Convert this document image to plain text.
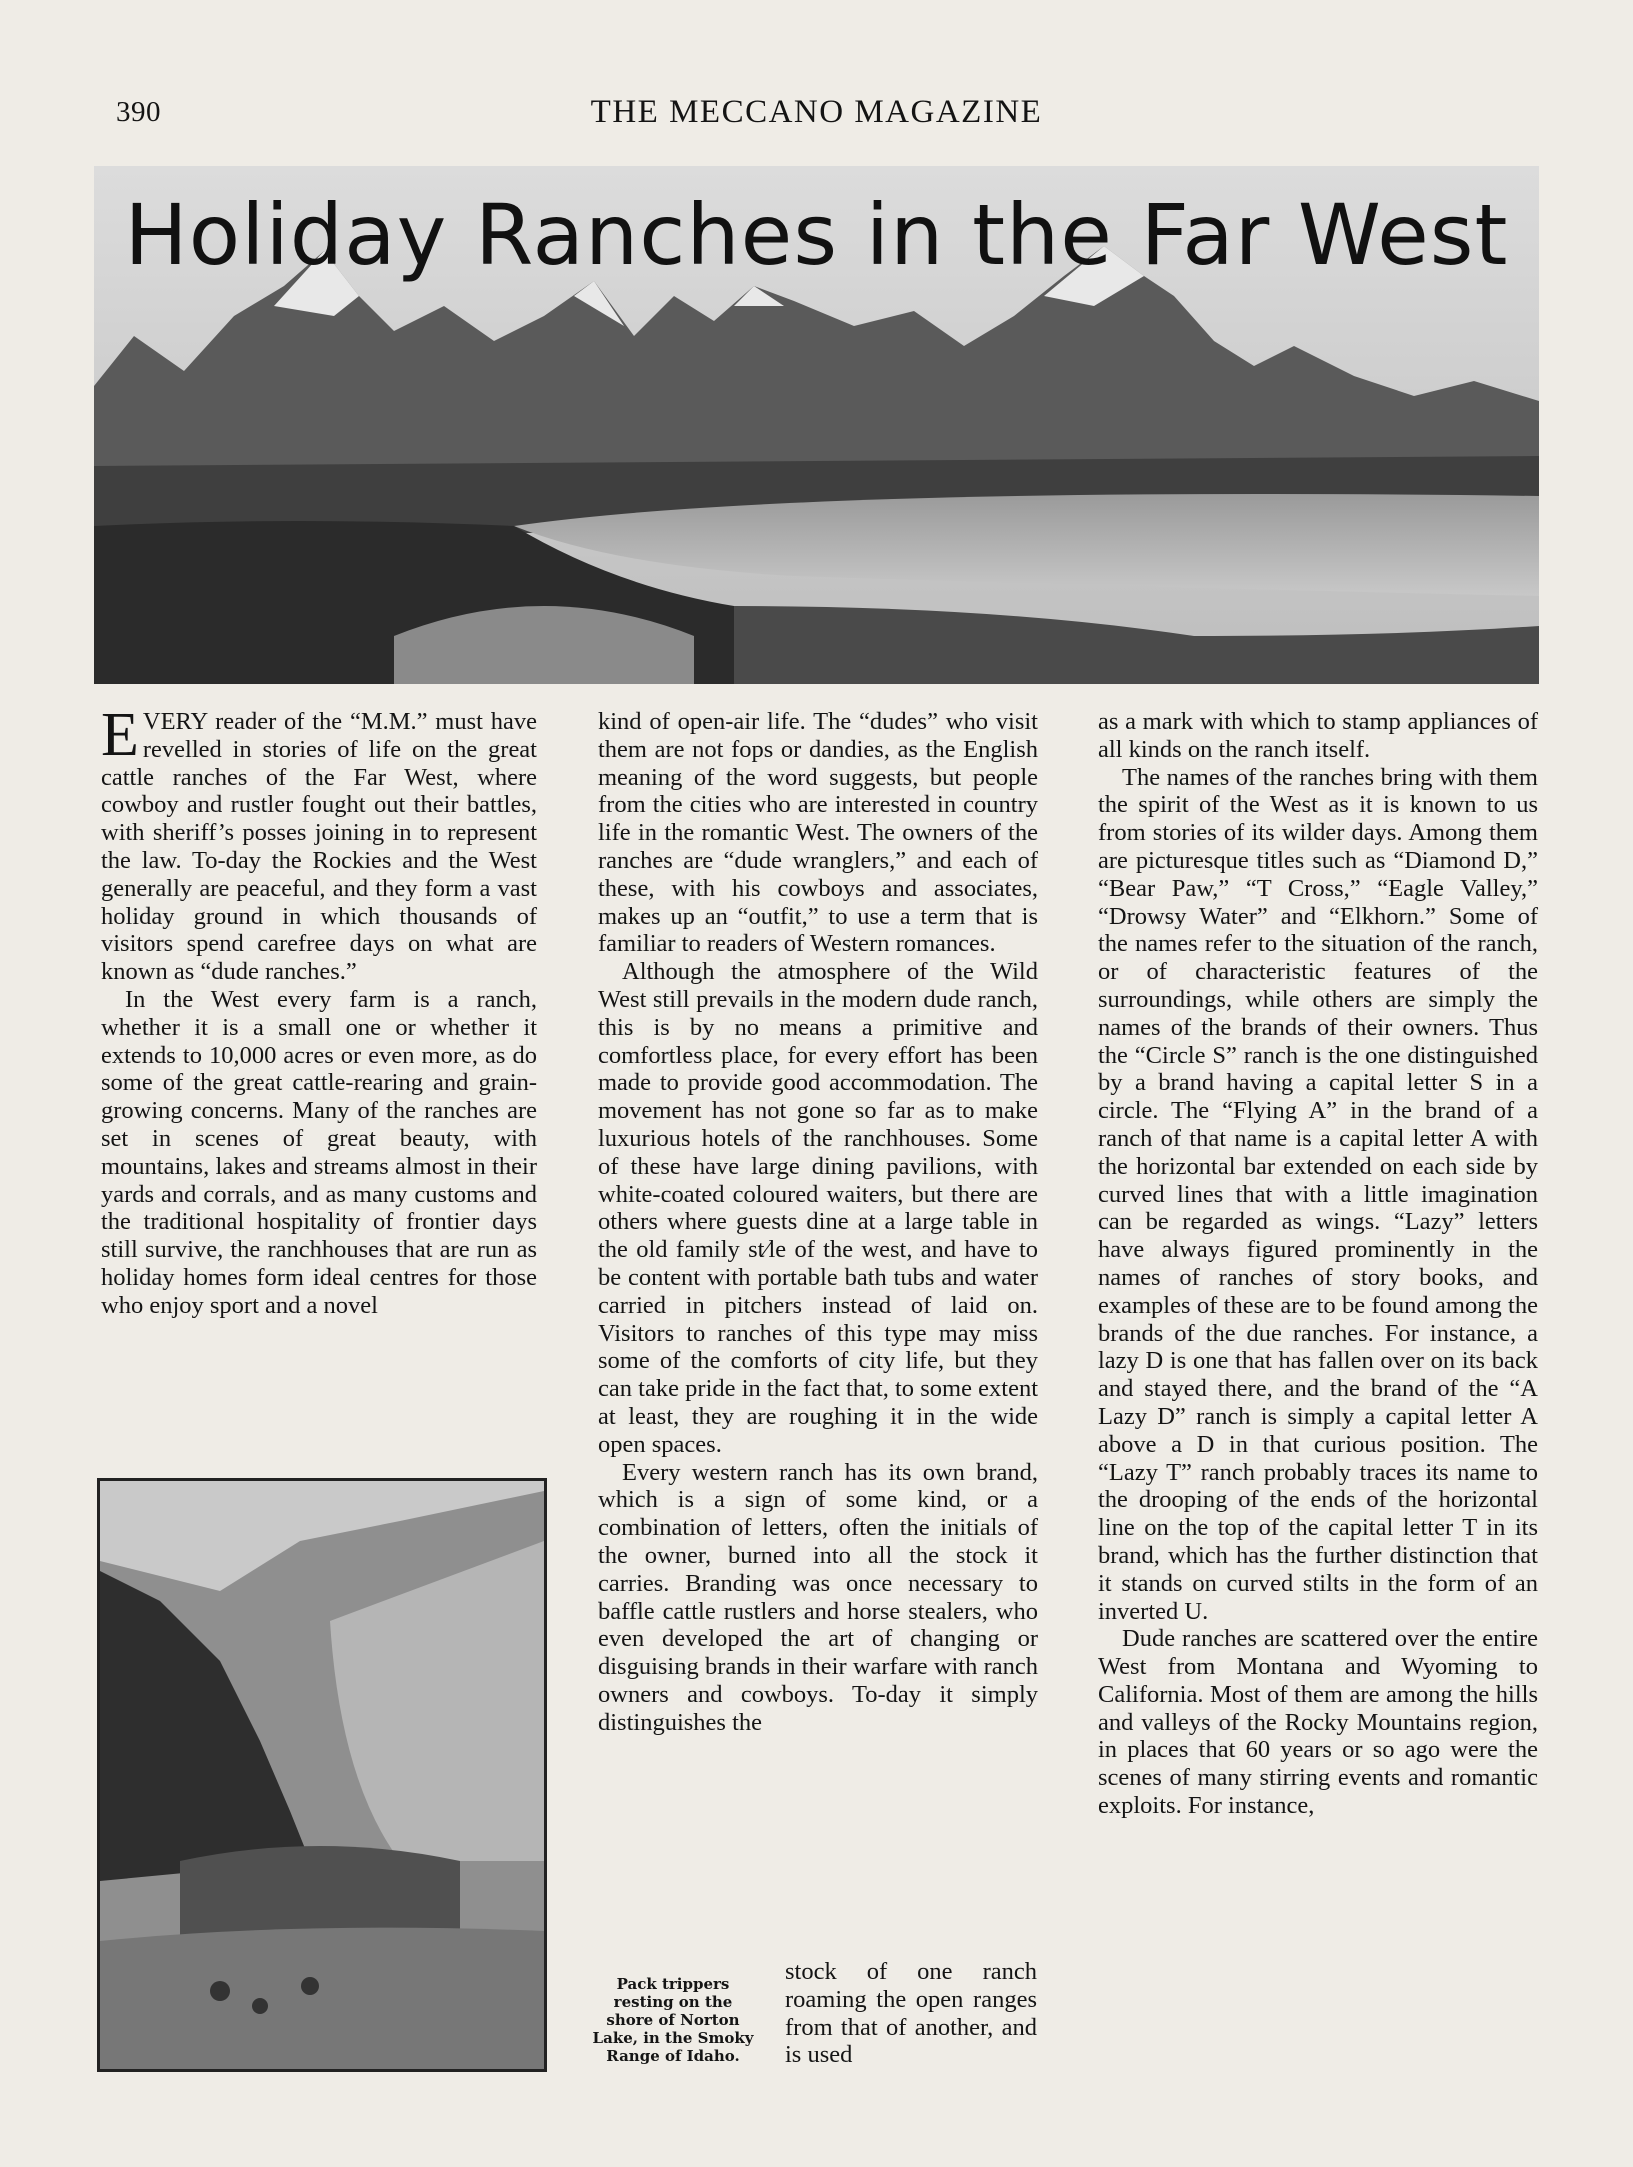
390	THE MECCANO MAGAZINE
Holiday Ranches in the Far West

EVERY reader of the “M.M.” must have revelled in stories of life on the great cattle ranches of the Far West, where cowboy and rustler fought out their battles, with sheriff’s posses joining in to represent the law. To-day the Rockies and the West generally are peaceful, and they form a vast holiday ground in which thousands of visitors spend carefree days on what are known as “dude ranches.”

In the West every farm is a ranch, whether it is a small one or whether it extends to 10,000 acres or even more, as do some of the great cattle-rearing and grain-growing concerns. Many of the ranches are set in scenes of great beauty, with mountains, lakes and streams almost in their yards and corrals, and as many customs and the traditional hospitality of frontier days still survive, the ranchhouses that are run as holiday homes form ideal centres for those who enjoy sport and a novel

kind of open-air life. The “dudes” who visit them are not fops or dandies, as the English meaning of the word suggests, but people from the cities who are interested in country life in the romantic West. The owners of the ranches are “dude wranglers,” and each of these, with his cowboys and associates, makes up an “outfit,” to use a term that is familiar to readers of Western romances.

Although the atmosphere of the Wild West still prevails in the modern dude ranch, this is by no means a primitive and comfortless place, for every effort has been made to provide good accommodation. The movement has not gone so far as to make luxurious hotels of the ranchhouses. Some of these have large dining pavilions, with white-coated coloured waiters, but there are others where guests dine at a large table in the old family st⁄le of the west, and have to be content with portable bath tubs and water carried in pitchers instead of laid on. Visitors to ranches of this type may miss some of the comforts of city life, but they can take pride in the fact that, to some extent at least, they are roughing it in the wide open spaces.

Every western ranch has its own brand, which is a sign of some kind, or a combination of letters, often the initials of the owner, burned into all the stock it carries. Branding was once necessary to baffle cattle rustlers and horse stealers, who even developed the art of changing or disguising brands in their warfare with ranch owners and cowboys. To-day it simply distinguishes the

Pack trippers resting on the shore of Norton Lake, in the Smoky Range of Idaho.

stock of one ranch roaming the open ranges from that of another, and is used

as a mark with which to stamp appliances of all kinds on the ranch itself.

The names of the ranches bring with them the spirit of the West as it is known to us from stories of its wilder days. Among them are picturesque titles such as “Diamond D,” “Bear Paw,” “T Cross,” “Eagle Valley,” “Drowsy Water” and “Elkhorn.” Some of the names refer to the situation of the ranch, or of characteristic features of the surroundings, while others are simply the names of the brands of their owners. Thus the “Circle S” ranch is the one distinguished by a brand having a capital letter S in a circle. The “Flying A” in the brand of a ranch of that name is a capital letter A with the horizontal bar extended on each side by curved lines that with a little imagination can be regarded as wings. “Lazy” letters have always figured prominently in the names of ranches of story books, and examples of these are to be found among the brands of the due ranches. For instance, a lazy D is one that has fallen over on its back and stayed there, and the brand of the “A Lazy D” ranch is simply a capital letter A above a D in that curious position. The “Lazy T” ranch probably traces its name to the drooping of the ends of the horizontal line on the top of the capital letter T in its brand, which has the further distinction that it stands on curved stilts in the form of an inverted U.

Dude ranches are scattered over the entire West from Montana and Wyoming to California. Most of them are among the hills and valleys of the Rocky Mountains region, in places that 60 years or so ago were the scenes of many stirring events and romantic exploits. For instance,
